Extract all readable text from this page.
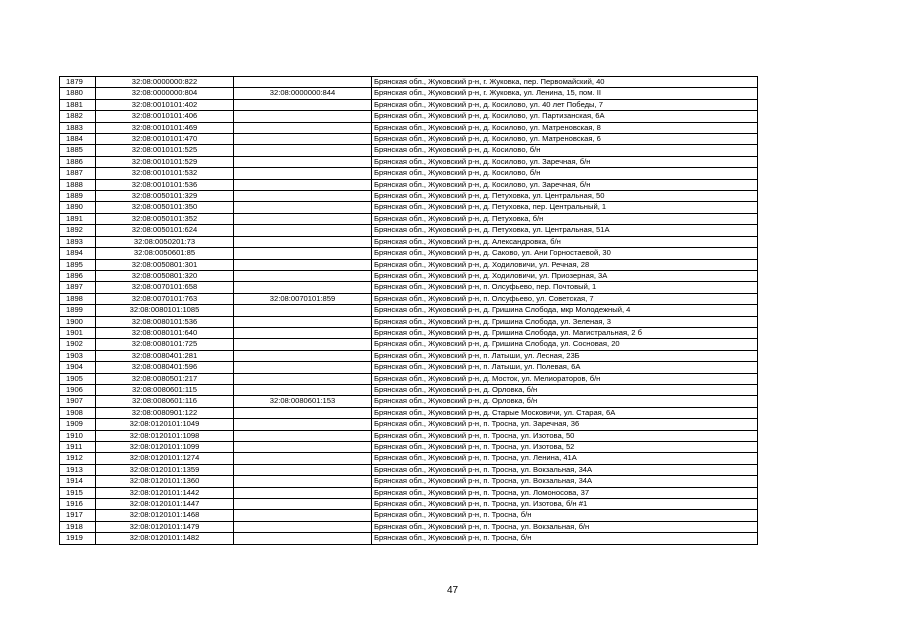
1879	32:08:0000000:822		Брянская обл., Жуковский р-н, г. Жуковка, пер. Первомайский, 40
1880	32:08:0000000:804	32:08:0000000:844	Брянская обл., Жуковский р-н, г. Жуковка, ул. Ленина, 15, пом. II
1881	32:08:0010101:402		Брянская обл., Жуковский р-н, д. Косилово, ул. 40 лет Победы, 7
1882	32:08:0010101:406		Брянская обл., Жуковский р-н, д. Косилово, ул. Партизанская, 6А
1883	32:08:0010101:469		Брянская обл., Жуковский р-н, д. Косилово, ул. Матреновская, 8
1884	32:08:0010101:470		Брянская обл., Жуковский р-н, д. Косилово, ул. Матреновская, 6
1885	32:08:0010101:525		Брянская обл., Жуковский р-н, д. Косилово, б/н
1886	32:08:0010101:529		Брянская обл., Жуковский р-н, д. Косилово, ул. Заречная, б/н
1887	32:08:0010101:532		Брянская обл., Жуковский р-н, д. Косилово, б/н
1888	32:08:0010101:536		Брянская обл., Жуковский р-н, д. Косилово, ул. Заречная, б/н
1889	32:08:0050101:329		Брянская обл., Жуковский р-н, д. Петуховка, ул. Центральная, 50
1890	32:08:0050101:350		Брянская обл., Жуковский р-н, д. Петуховка, пер. Центральный, 1
1891	32:08:0050101:352		Брянская обл., Жуковский р-н, д. Петуховка, б/н
1892	32:08:0050101:624		Брянская обл., Жуковский р-н, д. Петуховка, ул. Центральная, 51А
1893	32:08:0050201:73		Брянская обл., Жуковский р-н, д. Александровка, б/н
1894	32:08:0050601:85		Брянская обл., Жуковский р-н, д. Саково, ул. Ани Горностаевой, 30
1895	32:08:0050801:301		Брянская обл., Жуковский р-н, д. Ходиловичи, ул. Речная, 28
1896	32:08:0050801:320		Брянская обл., Жуковский р-н, д. Ходиловичи, ул. Приозерная, 3А
1897	32:08:0070101:658		Брянская обл., Жуковский р-н, п. Олсуфьево, пер. Почтовый, 1
1898	32:08:0070101:763	32:08:0070101:859	Брянская обл., Жуковский р-н, п. Олсуфьево, ул. Советская, 7
1899	32:08:0080101:1085		Брянская обл., Жуковский р-н, д. Гришина Слобода, мкр Молодежный, 4
1900	32:08:0080101:536		Брянская обл., Жуковский р-н, д. Гришина Слобода, ул. Зеленая, 3
1901	32:08:0080101:640		Брянская обл., Жуковский р-н, д. Гришина Слобода, ул. Магистральная, 2 б
1902	32:08:0080101:725		Брянская обл., Жуковский р-н, д. Гришина Слобода, ул. Сосновая, 20
1903	32:08:0080401:281		Брянская обл., Жуковский р-н, п. Латыши, ул. Лесная, 23Б
1904	32:08:0080401:596		Брянская обл., Жуковский р-н, п. Латыши, ул. Полевая, 6А
1905	32:08:0080501:217		Брянская обл., Жуковский р-н, д. Мосток, ул. Мелиораторов, б/н
1906	32:08:0080601:115		Брянская обл., Жуковский р-н, д. Орловка, б/н
1907	32:08:0080601:116	32:08:0080601:153	Брянская обл., Жуковский р-н, д. Орловка, б/н
1908	32:08:0080901:122		Брянская обл., Жуковский р-н, д. Старые Московичи, ул. Старая, 6А
1909	32:08:0120101:1049		Брянская обл., Жуковский р-н, п. Тросна, ул. Заречная, 36
1910	32:08:0120101:1098		Брянская обл., Жуковский р-н, п. Тросна, ул. Изотова, 50
1911	32:08:0120101:1099		Брянская обл., Жуковский р-н, п. Тросна, ул. Изотова, 52
1912	32:08:0120101:1274		Брянская обл., Жуковский р-н, п. Тросна, ул. Ленина, 41А
1913	32:08:0120101:1359		Брянская обл., Жуковский р-н, п. Тросна, ул. Вокзальная, 34А
1914	32:08:0120101:1360		Брянская обл., Жуковский р-н, п. Тросна, ул. Вокзальная, 34А
1915	32:08:0120101:1442		Брянская обл., Жуковский р-н, п. Тросна, ул. Ломоносова, 37
1916	32:08:0120101:1447		Брянская обл., Жуковский р-н, п. Тросна, ул. Изотова, б/н #1
1917	32:08:0120101:1468		Брянская обл., Жуковский р-н, п. Тросна, б/н
1918	32:08:0120101:1479		Брянская обл., Жуковский р-н, п. Тросна, ул. Вокзальная, б/н
1919	32:08:0120101:1482		Брянская обл., Жуковский р-н, п. Тросна, б/н
47
